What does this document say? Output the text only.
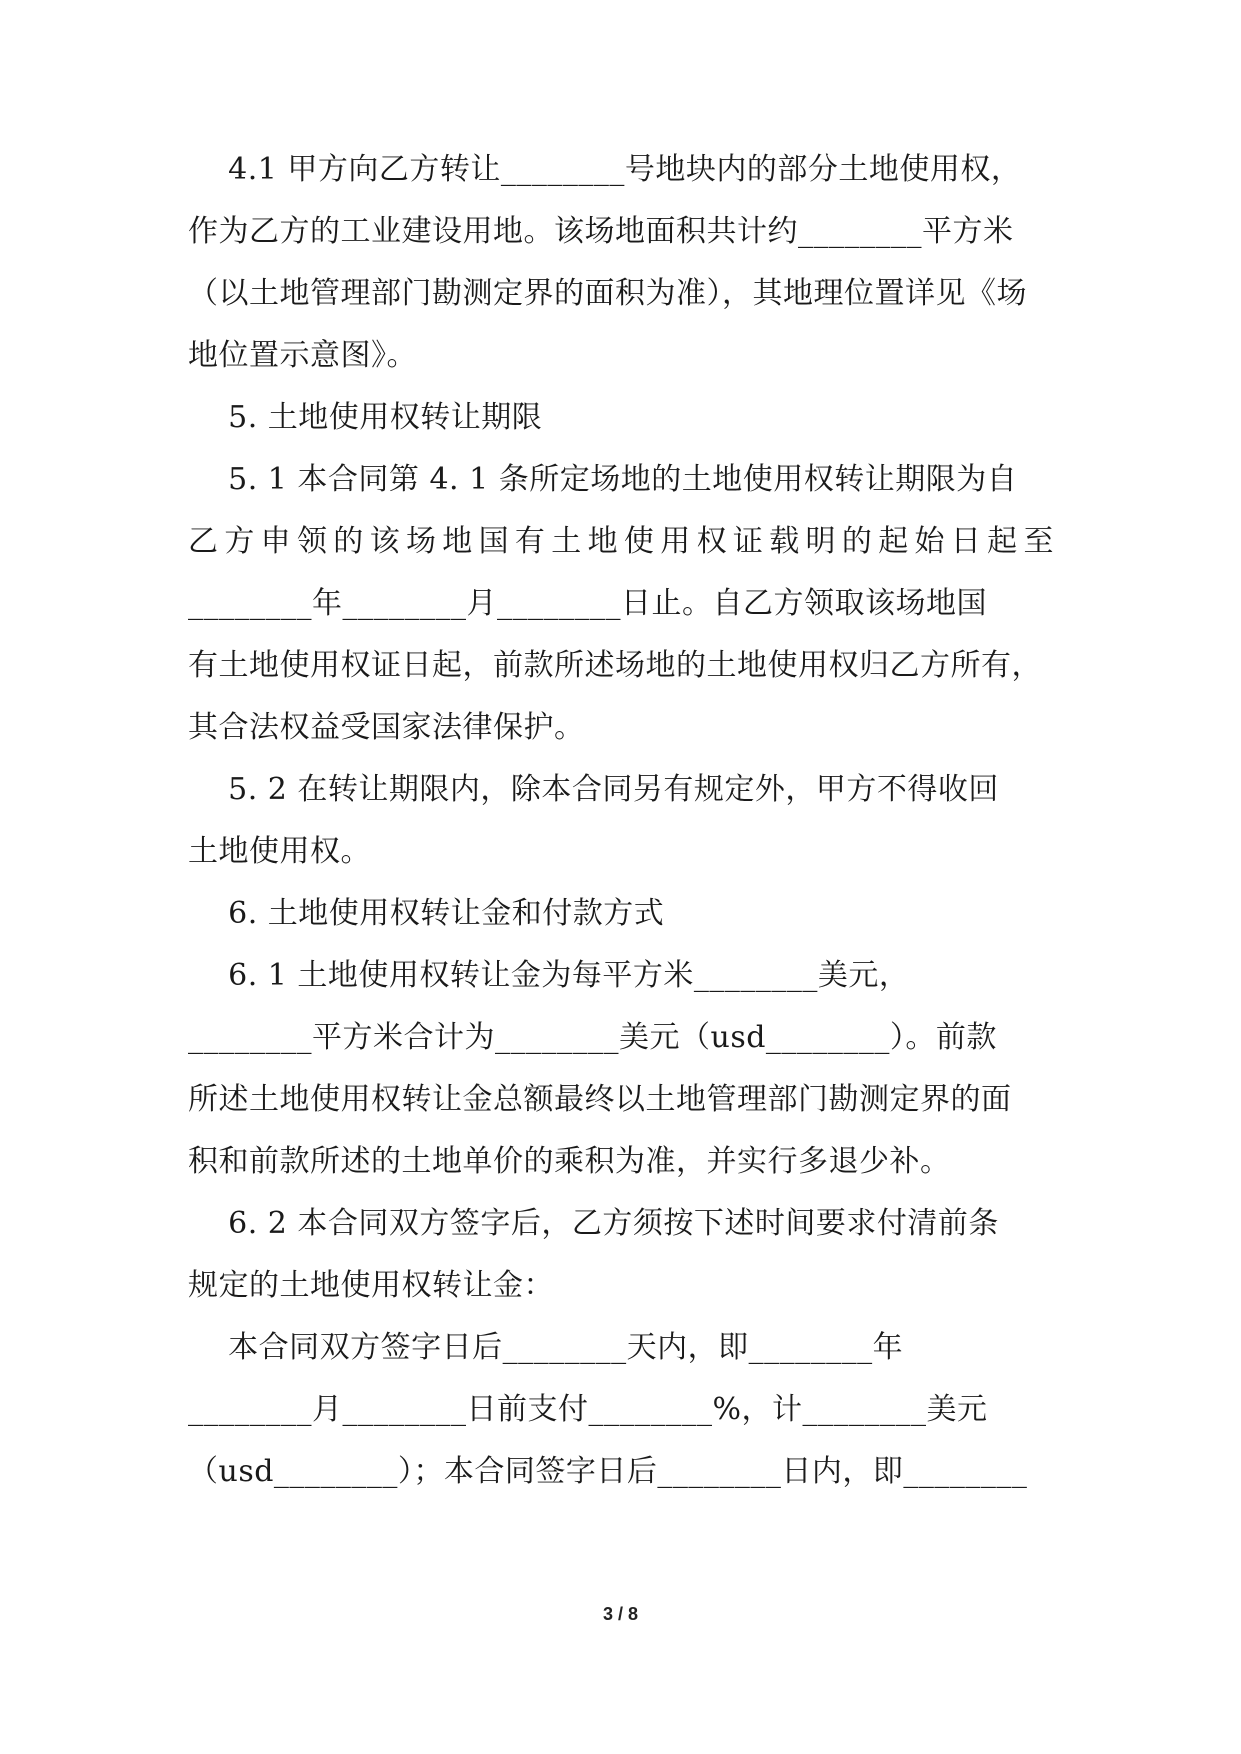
4.1 甲方向乙方转让________号地块内的部分土地使用权，
作为乙方的工业建设用地。该场地面积共计约________平方米
（以土地管理部门勘测定界的面积为准），其地理位置详见《场
地位置示意图》。
5. 土地使用权转让期限
5. 1 本合同第 4. 1 条所定场地的土地使用权转让期限为自
乙方申领的该场地国有土地使用权证载明的起始日起至
________年________月________日止。自乙方领取该场地国
有土地使用权证日起，前款所述场地的土地使用权归乙方所有，
其合法权益受国家法律保护。
5. 2 在转让期限内，除本合同另有规定外，甲方不得收回
土地使用权。
6. 土地使用权转让金和付款方式
6. 1 土地使用权转让金为每平方米________美元，
________平方米合计为________美元（usd________）。前款
所述土地使用权转让金总额最终以土地管理部门勘测定界的面
积和前款所述的土地单价的乘积为准，并实行多退少补。
6. 2 本合同双方签字后，乙方须按下述时间要求付清前条
规定的土地使用权转让金：
本合同双方签字日后________天内，即________年
________月________日前支付________%，计________美元
（usd________）；本合同签字日后________日内，即________
3 / 8
